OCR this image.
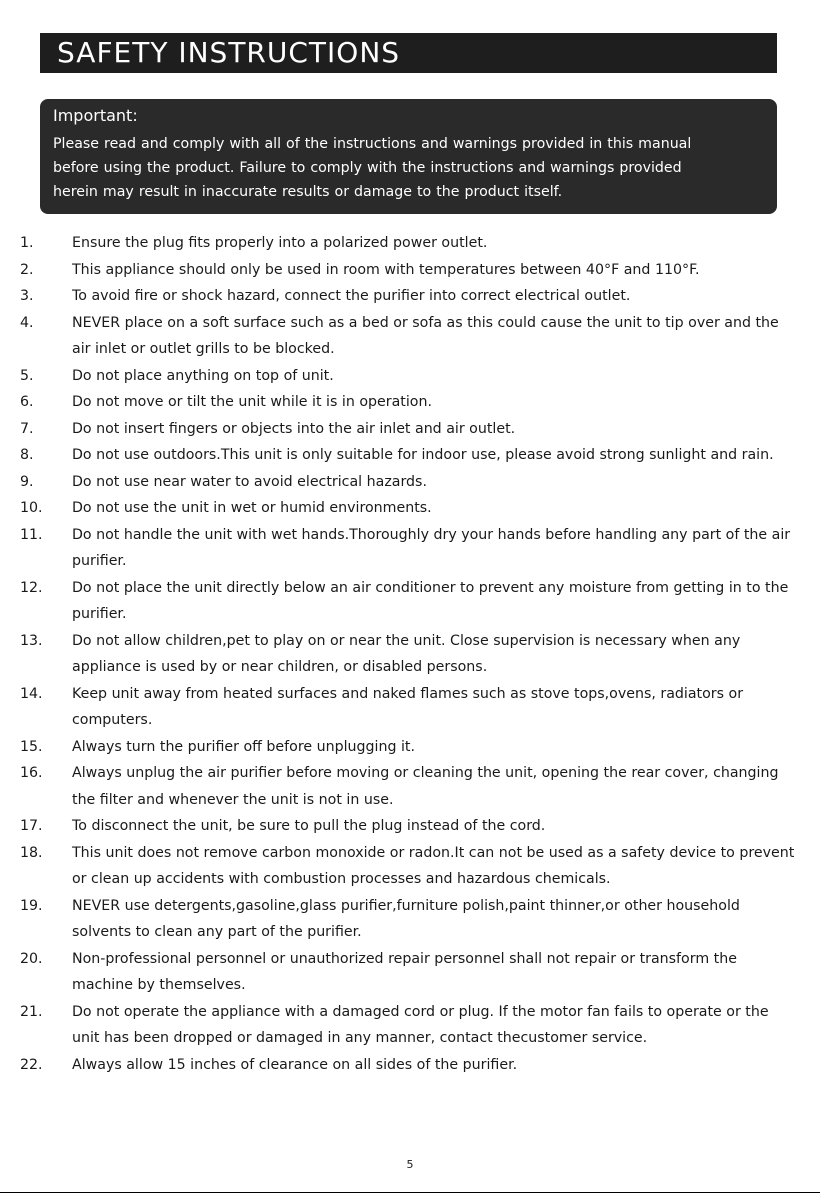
SAFETY INSTRUCTIONS
Important:
Please read and comply with all of the instructions and warnings provided in this manual
before using the product. Failure to comply with the instructions and warnings provided
herein may result in inaccurate results or damage to the product itself.
1.	Ensure the plug fits properly into a polarized power outlet.
2.	This appliance should only be used in room with temperatures between 40°F and 110°F.
3.	To avoid fire or shock hazard, connect the purifier into correct electrical outlet.
4.	NEVER place on a soft surface such as a bed or sofa as this could cause the unit to tip over and the air inlet or outlet grills to be blocked.
5.	Do not place anything on top of unit.
6.	Do not move or tilt the unit while it is in operation.
7.	Do not insert fingers or objects into the air inlet and air outlet.
8.	Do not use outdoors.This unit is only suitable for indoor use, please avoid strong sunlight and rain.
9.	Do not use near water to avoid electrical hazards.
10. Do not use the unit in wet or humid environments.
11. Do not handle the unit with wet hands.Thoroughly dry your hands before handling any part of the air purifier.
12. Do not place the unit directly below an air conditioner to prevent any moisture from getting in to the purifier.
13. Do not allow children,pet to play on or near the unit. Close supervision is necessary when any appliance is used by or near children, or disabled persons.
14. Keep unit away from heated surfaces and naked flames such as stove tops,ovens, radiators or computers.
15. Always turn the purifier off before unplugging it.
16. Always unplug the air purifier before moving or cleaning the unit, opening the rear cover, changing the filter and whenever the unit is not in use.
17. To disconnect the unit, be sure to pull the plug instead of the cord.
18. This unit does not remove carbon monoxide or radon.It can not be used as a safety device to prevent or clean up accidents with combustion processes and hazardous chemicals.
19. NEVER use detergents,gasoline,glass purifier,furniture polish,paint thinner,or other household solvents to clean any part of the purifier.
20. Non-professional personnel or unauthorized repair personnel shall not repair or transform the machine by themselves.
21. Do not operate the appliance with a damaged cord or plug. If the motor fan fails to operate or the unit has been dropped or damaged in any manner, contact thecustomer service.
22. Always allow 15 inches of clearance on all sides of the purifier.
5
